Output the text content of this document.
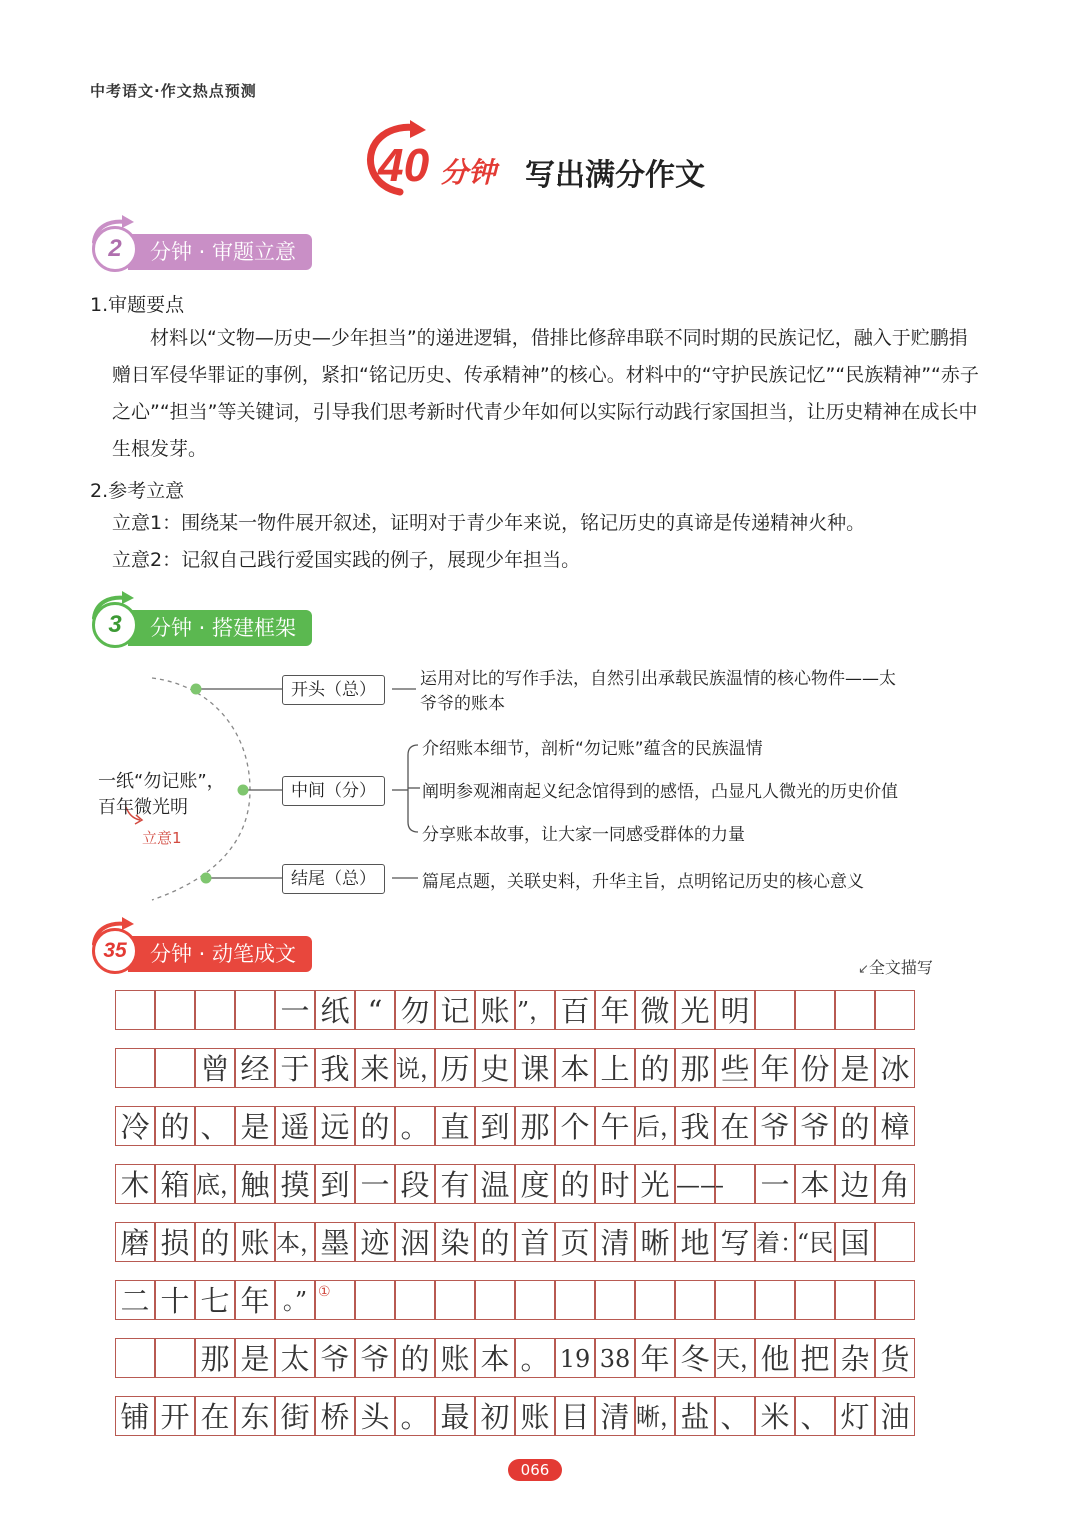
中考语文·作文热点预测
40 分钟 写出满分作文
分钟 · 审题立意
2
1.审题要点
材料以“文物—历史—少年担当”的递进逻辑，借排比修辞串联不同时期的民族记忆，融入于贮鹏捐赠日军侵华罪证的事例，紧扣“铭记历史、传承精神”的核心。材料中的“守护民族记忆”“民族精神”“赤子之心”“担当”等关键词，引导我们思考新时代青少年如何以实际行动践行家国担当，让历史精神在成长中生根发芽。
2.参考立意
立意1：围绕某一物件展开叙述，证明对于青少年来说，铭记历史的真谛是传递精神火种。
立意2：记叙自己践行爱国实践的例子，展现少年担当。
分钟 · 搭建框架
3
一纸“勿记账”，
百年微光明
立意1
开头（总）
中间（分）
结尾（总）
运用对比的写作手法，自然引出承载民族温情的核心物件——太
爷爷的账本
介绍账本细节，剖析“勿记账”蕴含的民族温情
阐明参观湘南起义纪念馆得到的感悟，凸显凡人微光的历史价值
分享账本故事，让大家一同感受群体的力量
篇尾点题，关联史料，升华主旨，点明铭记历史的核心意义
分钟 · 动笔成文
35
↙全文描写
一 纸 “ 勿 记 账 ”， 百 年 微 光 明
曾 经 于 我 来 说，
历 史 课 本 上 的 那 些 年 份 是 冰
冷 的 、 是 遥 远 的 。 直 到 那 个 午 后，
我 在 爷 爷 的 樟
木 箱 底，
触 摸 到 一 段 有 温 度 的 时 光 —— 一 本 边 角
磨 损 的 账 本，
墨 迹 洇 染 的 首 页 清 晰 地 写 着：
“民 国
二 十 七 年 。”
那 是 太 爷 爷 的 账 本 。 19 38 年 冬 天，
他 把 杂 货
铺 开 在 东 街 桥 头 。 最 初 账 目 清 晰，
盐 、 米 、 灯 油
①
066
